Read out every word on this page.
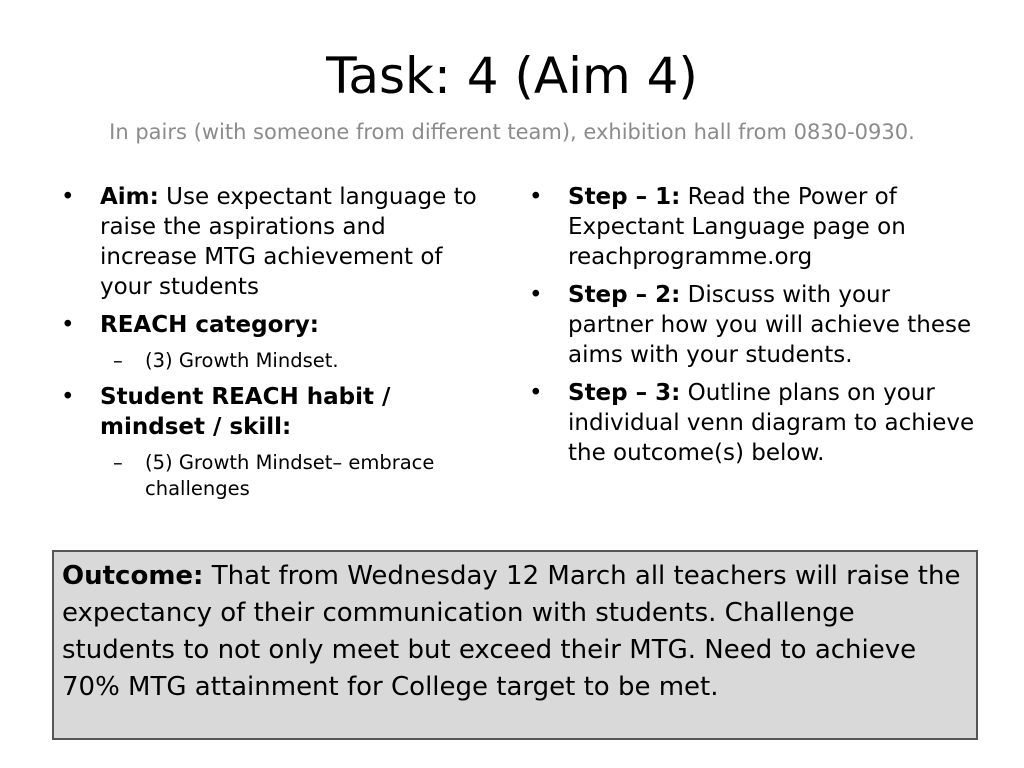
Task: 4 (Aim 4)
In pairs (with someone from different team), exhibition hall from 0830-0930.
• Aim: Use expectant language to raise the aspirations and increase MTG achievement of your students
• REACH category:
– (3) Growth Mindset.
• Student REACH habit / mindset / skill:
– (5) Growth Mindset– embrace challenges
• Step – 1: Read the Power of Expectant Language page on reachprogramme.org
• Step – 2: Discuss with your partner how you will achieve these aims with your students.
• Step – 3: Outline plans on your individual venn diagram to achieve the outcome(s) below.
Outcome: That from Wednesday 12 March all teachers will raise the expectancy of their communication with students. Challenge students to not only meet but exceed their MTG. Need to achieve 70% MTG attainment for College target to be met.
